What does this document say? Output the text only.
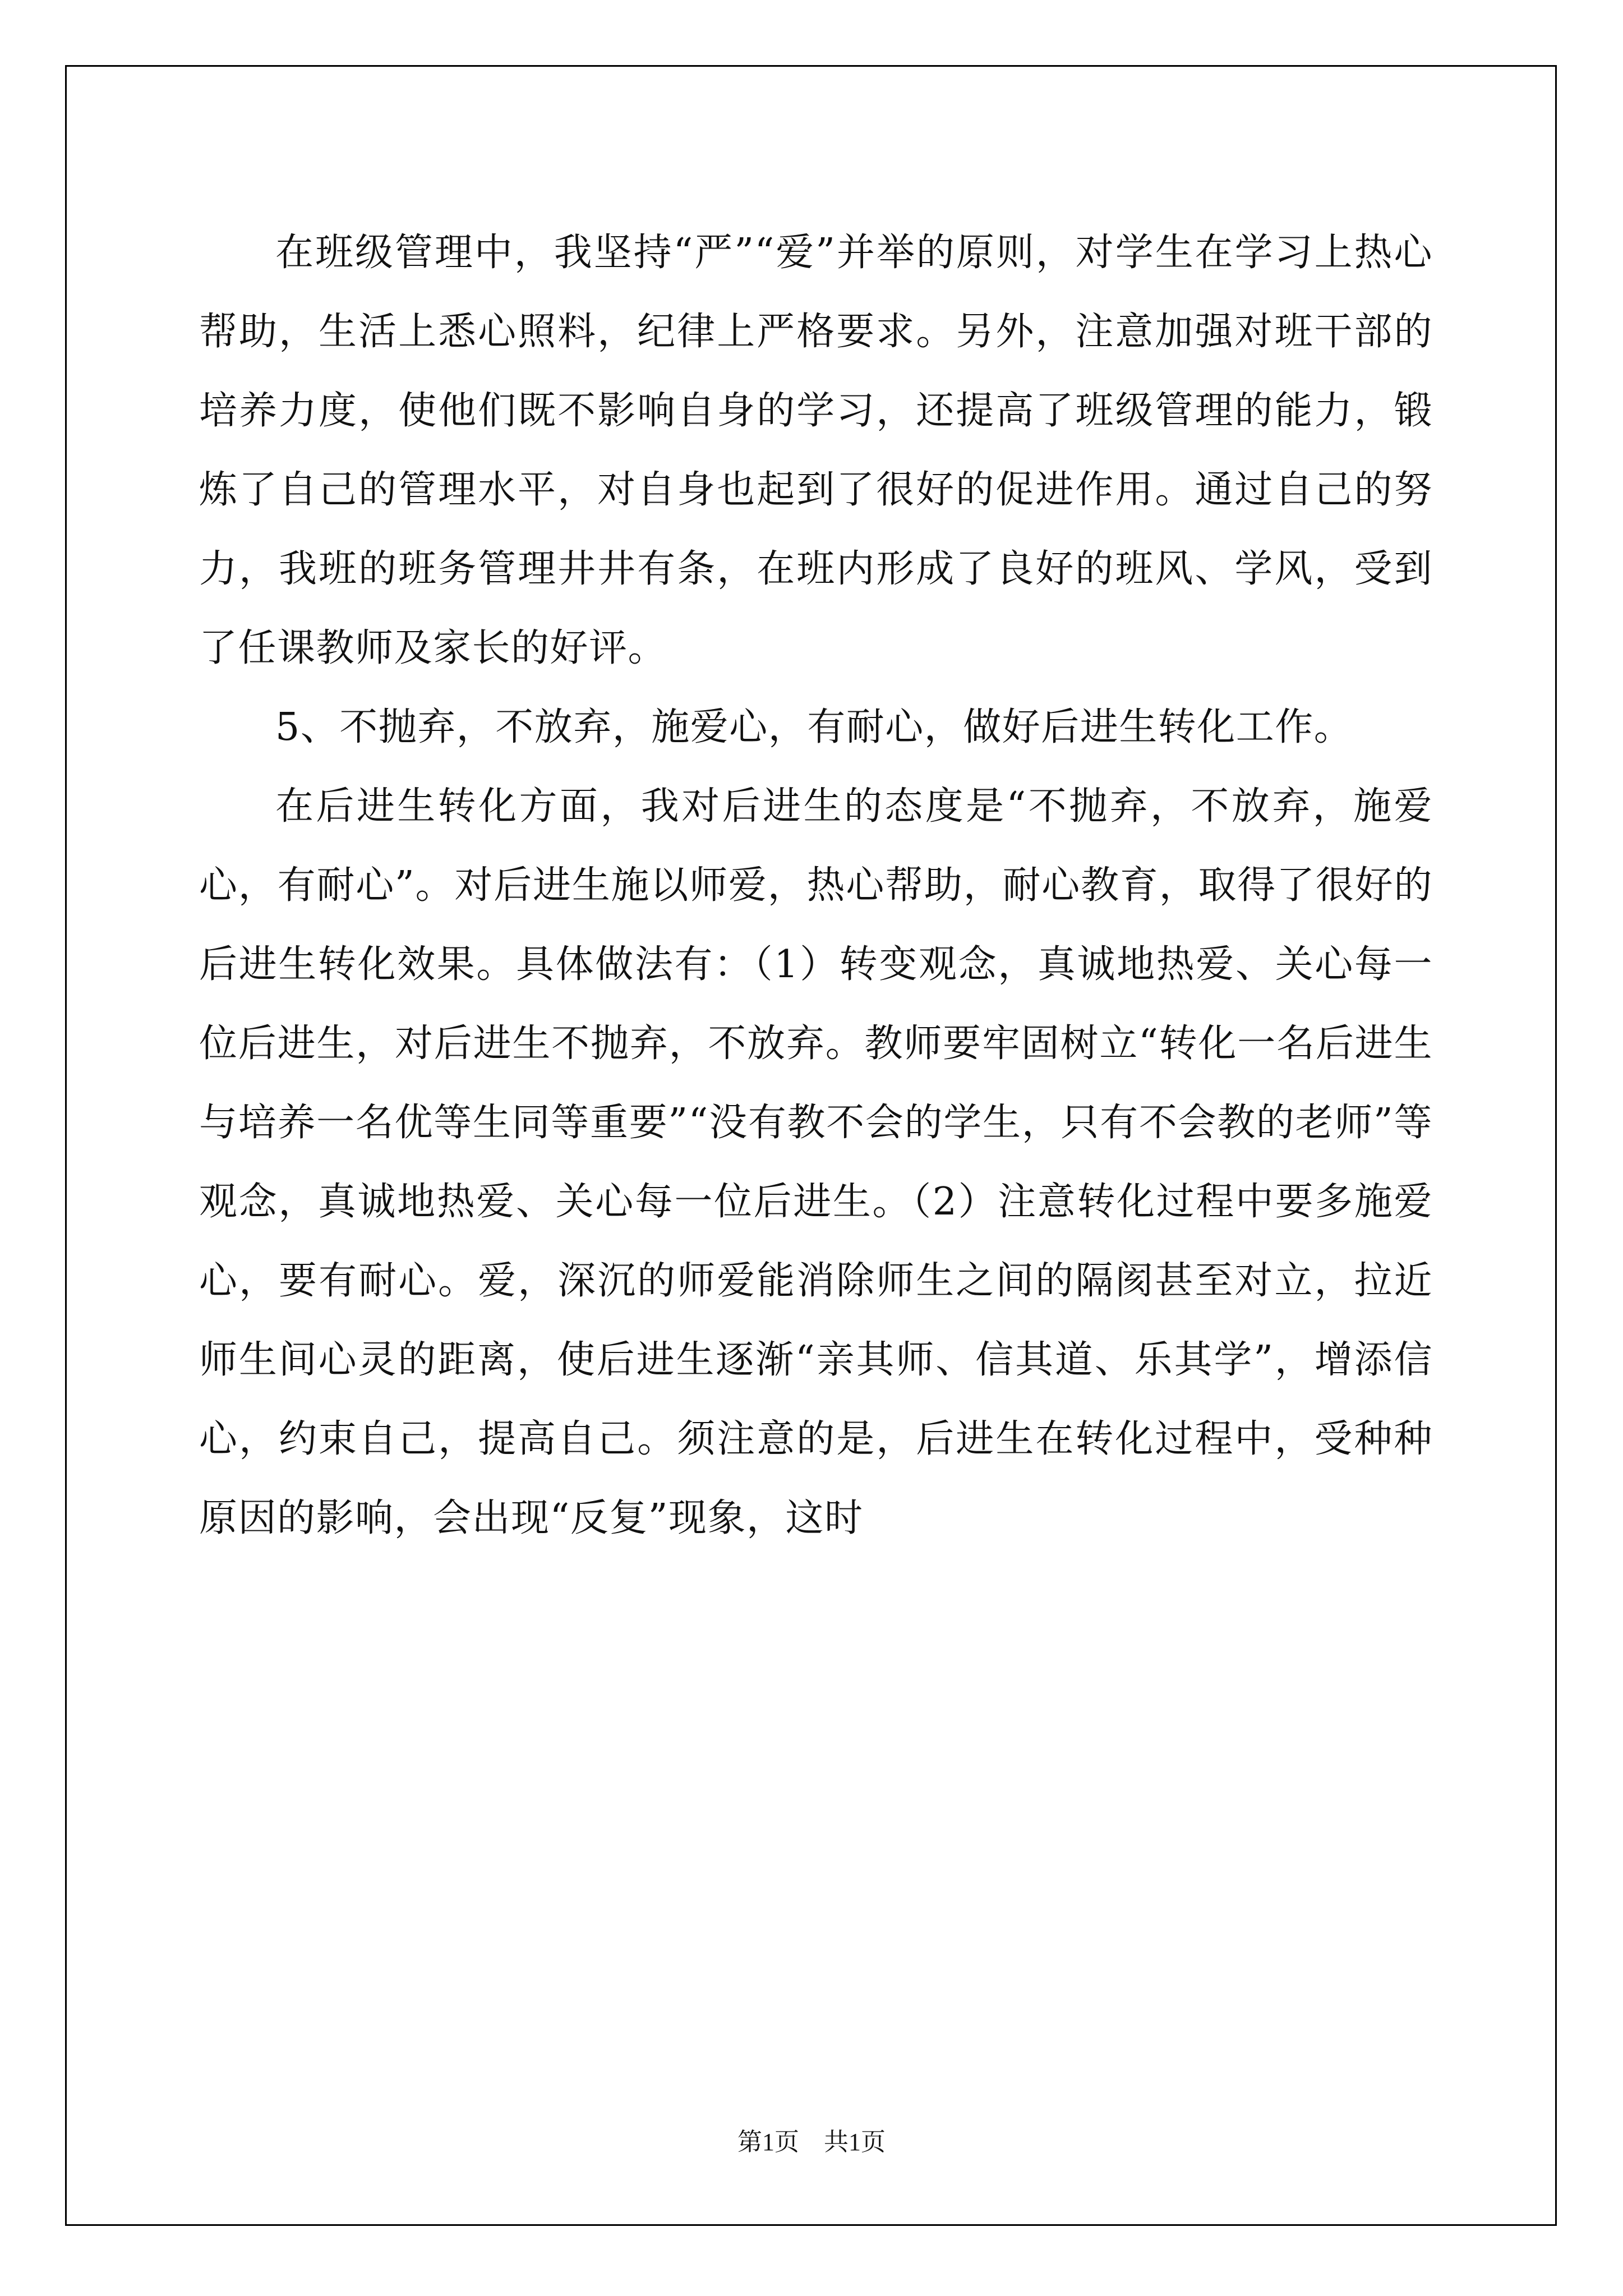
在班级管理中，我坚持“严”“爱”并举的原则，对学生在学习上热心帮助，生活上悉心照料，纪律上严格要求。另外，注意加强对班干部的培养力度，使他们既不影响自身的学习，还提高了班级管理的能力，锻炼了自己的管理水平，对自身也起到了很好的促进作用。通过自己的努力，我班的班务管理井井有条，在班内形成了良好的班风、学风，受到了任课教师及家长的好评。

5、不抛弃，不放弃，施爱心，有耐心，做好后进生转化工作。

在后进生转化方面，我对后进生的态度是“不抛弃，不放弃，施爱心，有耐心”。对后进生施以师爱，热心帮助，耐心教育，取得了很好的后进生转化效果。具体做法有：（1）转变观念，真诚地热爱、关心每一位后进生，对后进生不抛弃，不放弃。教师要牢固树立“转化一名后进生与培养一名优等生同等重要”“没有教不会的学生，只有不会教的老师”等观念，真诚地热爱、关心每一位后进生。（2）注意转化过程中要多施爱心，要有耐心。爱，深沉的师爱能消除师生之间的隔阂甚至对立，拉近师生间心灵的距离，使后进生逐渐“亲其师、信其道、乐其学”，增添信心，约束自己，提高自己。须注意的是，后进生在转化过程中，受种种原因的影响，会出现“反复”现象，这时

第1页　共1页
